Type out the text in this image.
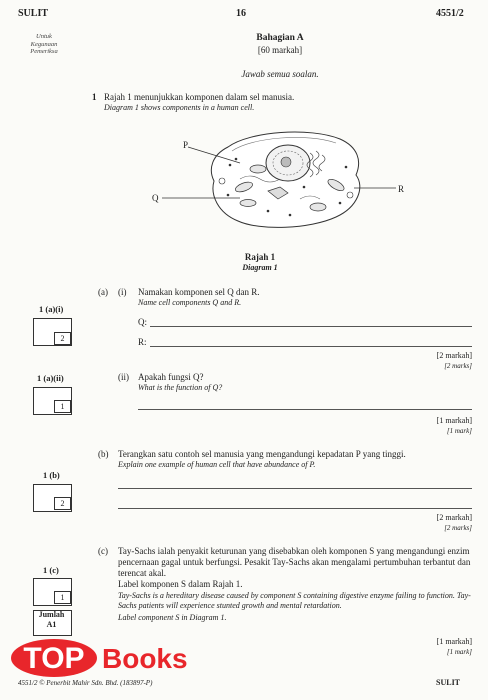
SULIT	16	4551/2
Untuk
Kegunaan
Pemeriksa
Bahagian A
[60 markah]
Jawab semua soalan.
1 Rajah 1 menunjukkan komponen dalam sel manusia.
Diagram 1 shows components in a human cell.
P
Q
R
Rajah 1
Diagram 1
(a) (i) Namakan komponen sel Q dan R.
Name cell components Q and R.
Q:
R:
[2 markah]
[2 marks]
1 (a)(i)
2
(ii) Apakah fungsi Q?
What is the function of Q?
[1 markah]
[1 mark]
1 (a)(ii)
1
(b) Terangkan satu contoh sel manusia yang mengandungi kepadatan P yang tinggi.
Explain one example of human cell that have abundance of P.
[2 markah]
[2 marks]
1 (b)
2
(c) Tay-Sachs ialah penyakit keturunan yang disebabkan oleh komponen S yang mengandungi enzim pencernaan gagal untuk berfungsi. Pesakit Tay-Sachs akan mengalami pertumbuhan terbantut dan terencat akal.
Label komponen S dalam Rajah 1.
Tay-Sachs is a hereditary disease caused by component S containing digestive enzyme failing to function. Tay-Sachs patients will experience stunted growth and mental retardation.
Label component S in Diagram 1.
[1 markah]
[1 mark]
1 (c)
1
Jumlah
A1
TOP Books
4551/2 © Penerbit Mahir Sdn. Bhd. (183897-P)	SULIT
